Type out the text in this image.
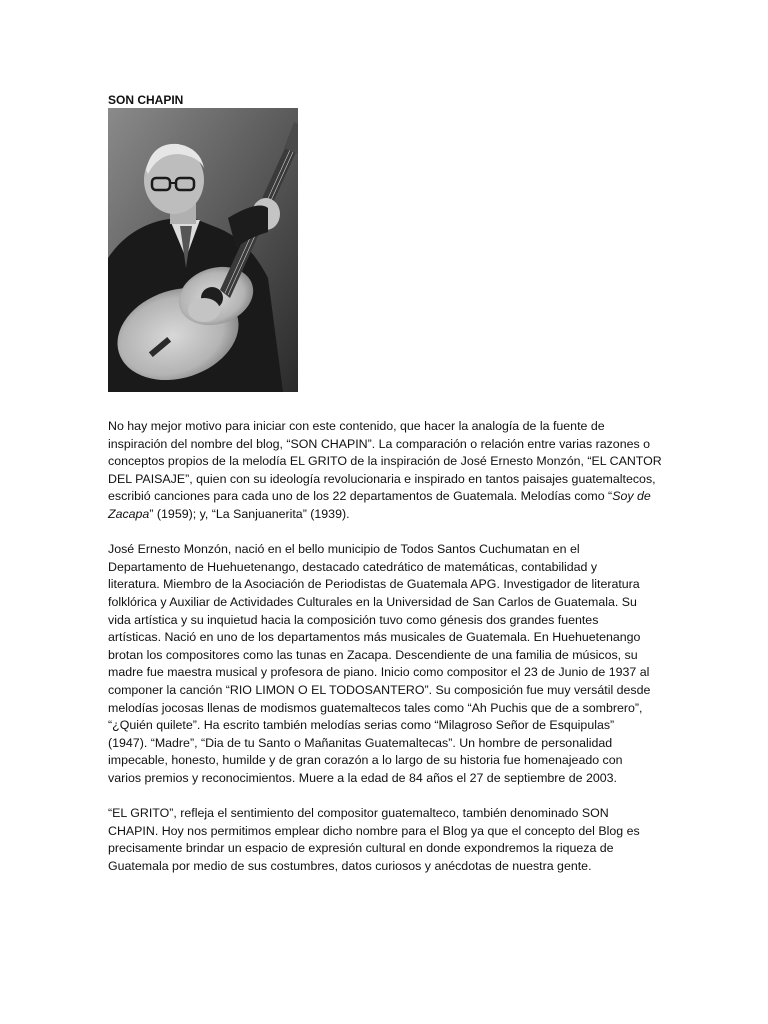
SON CHAPIN

No hay mejor motivo para iniciar con este contenido, que hacer la analogía de la fuente de
inspiración del nombre del blog, “SON CHAPIN”. La comparación o relación entre varias razones o
conceptos propios de la melodía EL GRITO de la inspiración de José Ernesto Monzón, “EL CANTOR
DEL PAISAJE”, quien con su ideología revolucionaria e inspirado en tantos paisajes guatemaltecos,
escribió canciones para cada uno de los 22 departamentos de Guatemala. Melodías como “Soy de
Zacapa” (1959); y, “La Sanjuanerita” (1939).

José Ernesto Monzón, nació en el bello municipio de Todos Santos Cuchumatan en el
Departamento de Huehuetenango, destacado catedrático de matemáticas, contabilidad y
literatura. Miembro de la Asociación de Periodistas de Guatemala APG. Investigador de literatura
folklórica y Auxiliar de Actividades Culturales en la Universidad de San Carlos de Guatemala. Su
vida artística y su inquietud hacia la composición tuvo como génesis dos grandes fuentes
artísticas. Nació en uno de los departamentos más musicales de Guatemala. En Huehuetenango
brotan los compositores como las tunas en Zacapa. Descendiente de una familia de músicos, su
madre fue maestra musical y profesora de piano. Inicio como compositor el 23 de Junio de 1937 al
componer la canción “RIO LIMON O EL TODOSANTERO”. Su composición fue muy versátil desde
melodías jocosas llenas de modismos guatemaltecos tales como “Ah Puchis que de a sombrero”,
“¿Quién quilete”. Ha escrito también melodías serias como “Milagroso Señor de Esquipulas”
(1947). “Madre”, “Dia de tu Santo o Mañanitas Guatemaltecas”. Un hombre de personalidad
impecable, honesto, humilde y de gran corazón a lo largo de su historia fue homenajeado con
varios premios y reconocimientos. Muere a la edad de 84 años el 27 de septiembre de 2003.

“EL GRITO”, refleja el sentimiento del compositor guatemalteco, también denominado SON
CHAPIN. Hoy nos permitimos emplear dicho nombre para el Blog ya que el concepto del Blog es
precisamente brindar un espacio de expresión cultural en donde expondremos la riqueza de
Guatemala por medio de sus costumbres, datos curiosos y anécdotas de nuestra gente.
